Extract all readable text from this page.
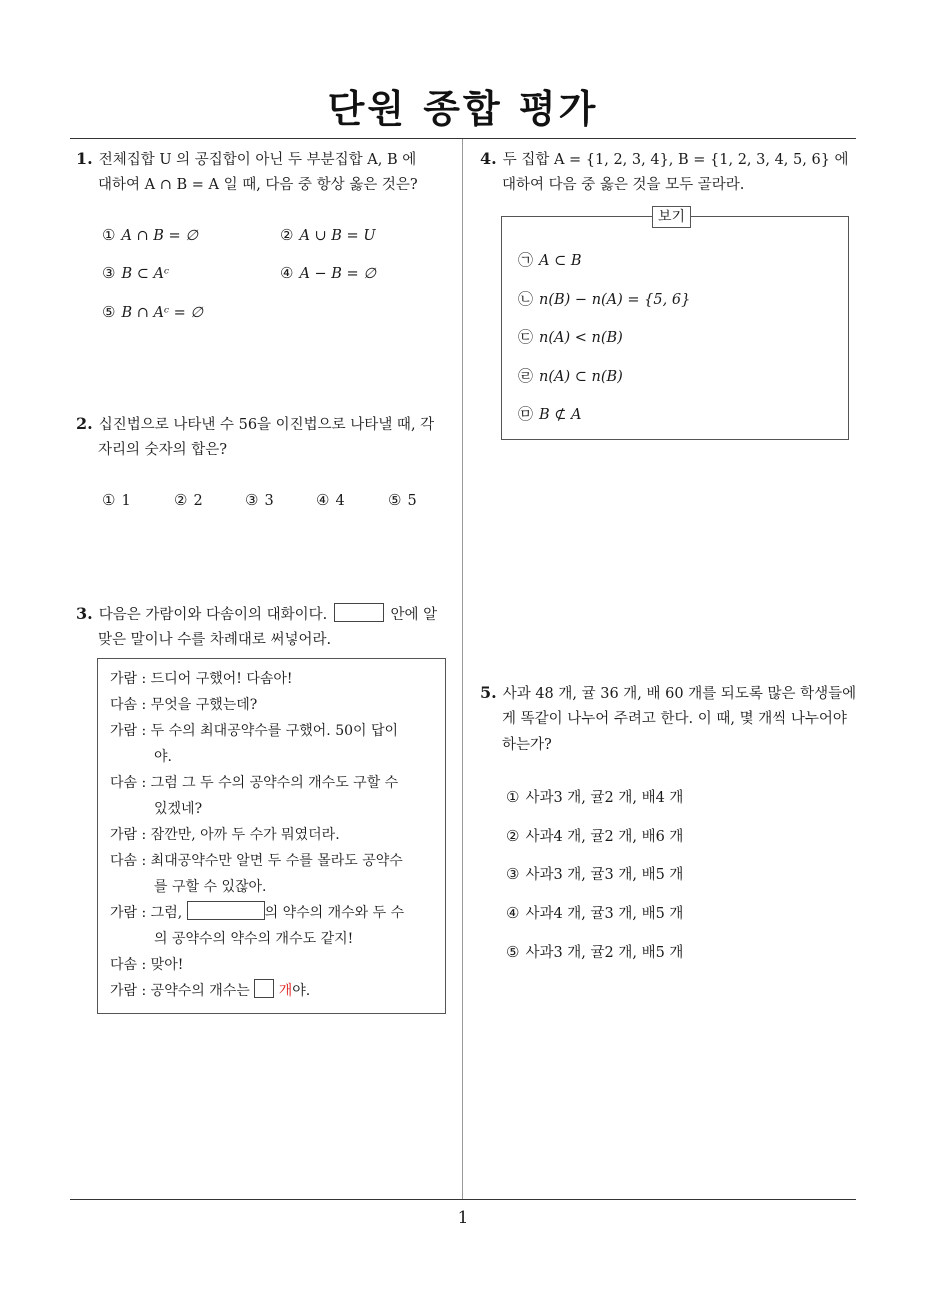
단원 종합 평가
1
1. 전체집합 U 의 공집합이 아닌 두 부분집합 A, B 에
대하여 A ∩ B = A 일 때, 다음 중 항상 옳은 것은?
① A ∩ B = ∅	② A ∪ B = U
③ B ⊂ Aᶜ	④ A − B = ∅
⑤ B ∩ Aᶜ = ∅
2. 십진법으로 나타낸 수 56을 이진법으로 나타낼 때, 각
자리의 숫자의 합은?
① 1	② 2	③ 3	④ 4	⑤ 5
3. 다음은 가람이와 다솜이의 대화이다.	안에 알
맞은 말이나 수를 차례대로 써넣어라.
가람 : 드디어 구했어! 다솜아!
다솜 : 무엇을 구했는데?
가람 : 두 수의 최대공약수를 구했어. 50이 답이
야.
다솜 : 그럼 그 두 수의 공약수의 개수도 구할 수
있겠네?
가람 : 잠깐만, 아까 두 수가 뭐였더라.
다솜 : 최대공약수만 알면 두 수를 몰라도 공약수
를 구할 수 있잖아.
가람 : 그럼,	의 약수의 개수와 두 수
의 공약수의 약수의 개수도 같지!
다솜 : 맞아!
가람 : 공약수의 개수는 개야.
4. 두 집합 A = {1, 2, 3, 4}, B = {1, 2, 3, 4, 5, 6} 에
대하여 다음 중 옳은 것을 모두 골라라.
보기
㉠ A ⊂ B
㉡ n(B) − n(A) = {5, 6}
㉢ n(A) < n(B)
㉣ n(A) ⊂ n(B)
㉤ B ⊄ A
5. 사과 48 개, 귤 36 개, 배 60 개를 되도록 많은 학생들에
게 똑같이 나누어 주려고 한다. 이 때, 몇 개씩 나누어야
하는가?
① 사과3 개, 귤2 개, 배4 개
② 사과4 개, 귤2 개, 배6 개
③ 사과3 개, 귤3 개, 배5 개
④ 사과4 개, 귤3 개, 배5 개
⑤ 사과3 개, 귤2 개, 배5 개
